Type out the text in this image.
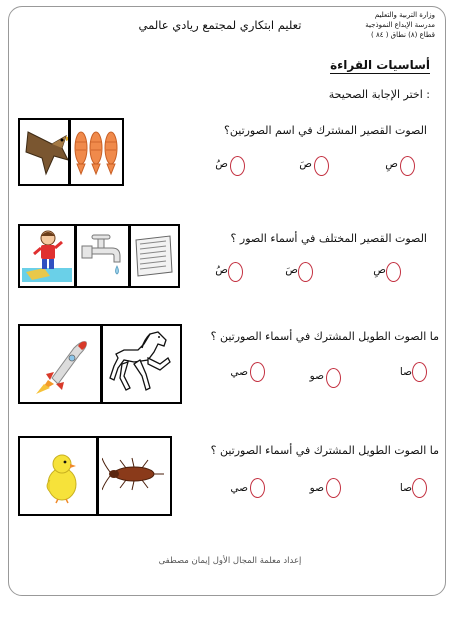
وزارة التربية والتعليم
مدرسة الإبداع النموذجية
قطاع (٨) نطاق ( ٨٤ )
تعليم ابتكاري لمجتمع ريادي عالمي
أساسيات القراءة
اختر الإجابة الصحيحة :
الصوت القصير المشترك في اسم الصورتين؟
صِ
صَ
صُ
الصوت القصير المختلف في أسماء الصور ؟
صِ
صَ
صُ
ما الصوت الطويل المشترك في أسماء الصورتين ؟
صا
صو
صي
ما الصوت الطويل المشترك في أسماء الصورتين ؟
صا
صو
صي
إعداد معلمة المجال الأول إيمان مصطفى
